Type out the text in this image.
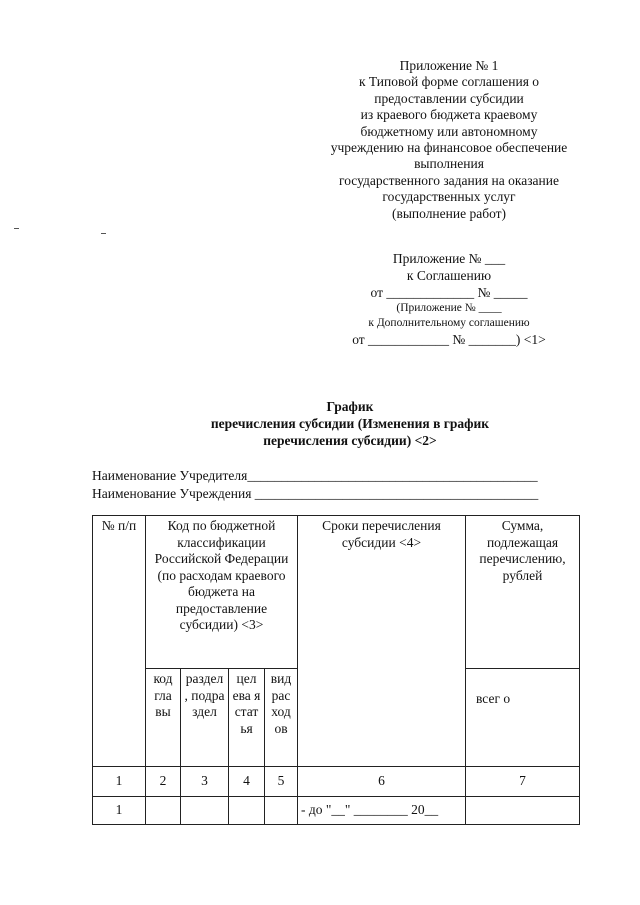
Приложение № 1
к Типовой форме соглашения о
предоставлении субсидии
из краевого бюджета краевому
бюджетному или автономному
учреждению на финансовое обеспечение
выполнения
государственного задания на оказание
государственных услуг
(выполнение работ)
Приложение № ___
к Соглашению
от _____________ № _____
(Приложение № ____
к Дополнительному соглашению
от ____________ № _______) <1>
График
перечисления субсидии (Изменения в график
перечисления субсидии) <2>
Наименование Учредителя___________________________________________
Наименование Учреждения __________________________________________
№ п/п	Код по бюджетной классификации Российской Федерации (по расходам краевого бюджета на предоставление субсидии) <3>				Сроки перечисления субсидии <4>	Сумма, подлежащая перечислению, рублей
	код гла вы	раздел , подра здел	цел ева я стат ья	вид рас ход ов		всег о
1	2	3	4	5	6	7
1					- до "__" ________ 20__	
